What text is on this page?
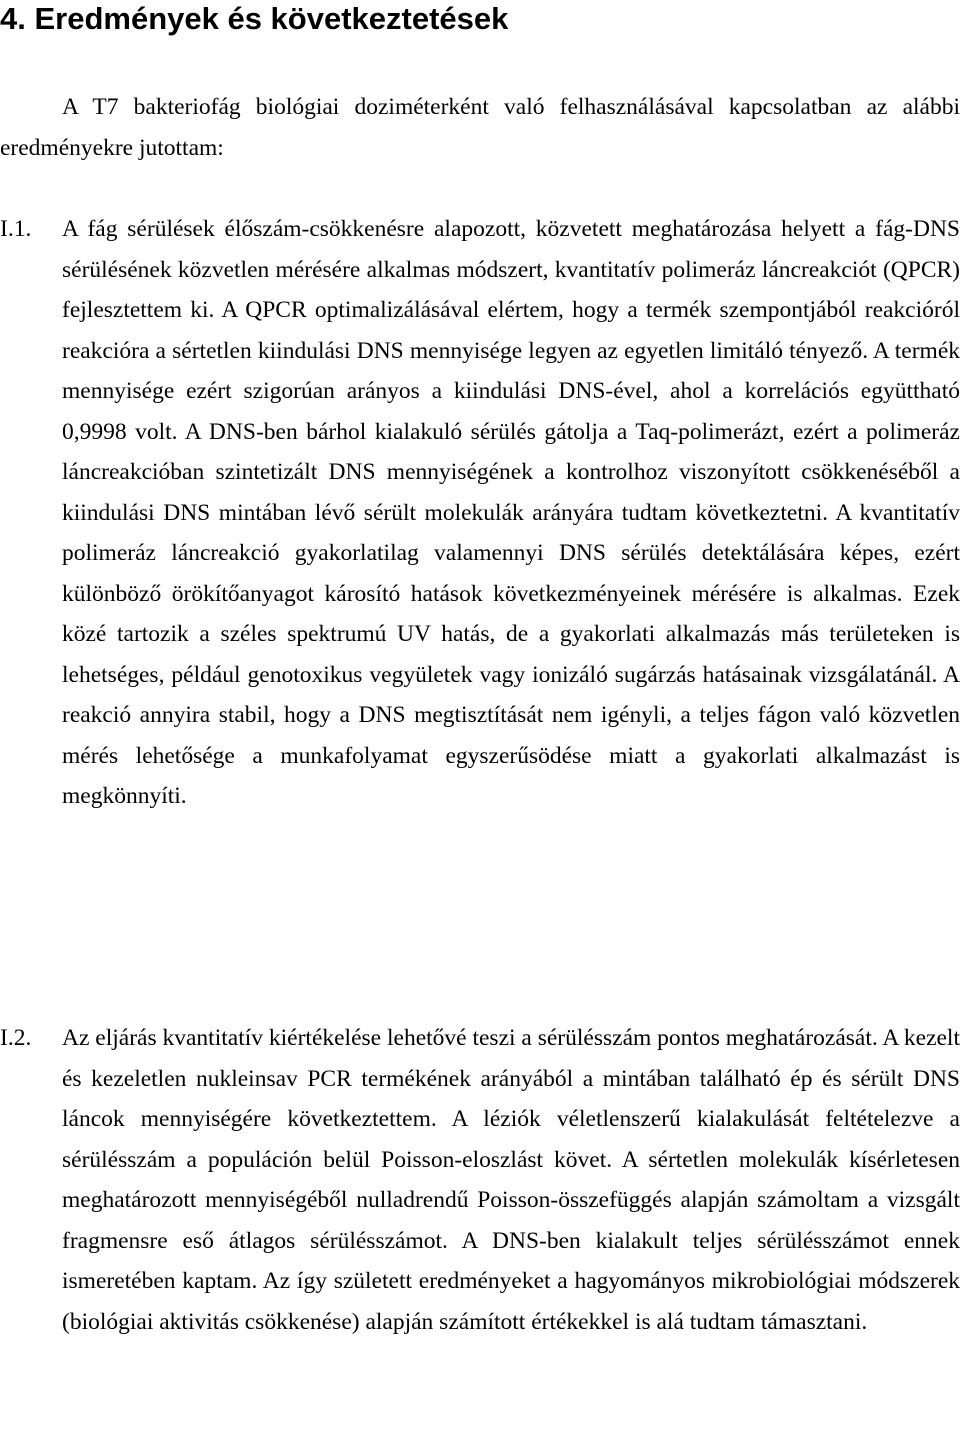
4. Eredmények és következtetések

A T7 bakteriofág biológiai doziméterként való felhasználásával kapcsolatban az alábbi eredményekre jutottam:

I.1. A fág sérülések élőszám-csökkenésre alapozott, közvetett meghatározása helyett a fág-DNS sérülésének közvetlen mérésére alkalmas módszert, kvantitatív polimeráz láncreakciót (QPCR) fejlesztettem ki. A QPCR optimalizálásával elértem, hogy a termék szempontjából reakcióról reakcióra a sértetlen kiindulási DNS mennyisége legyen az egyetlen limitáló tényező. A termék mennyisége ezért szigorúan arányos a kiindulási DNS-ével, ahol a korrelációs együttható 0,9998 volt. A DNS-ben bárhol kialakuló sérülés gátolja a Taq-polimerázt, ezért a polimeráz láncreakcióban szintetizált DNS mennyiségének a kontrolhoz viszonyított csökkenéséből a kiindulási DNS mintában lévő sérült molekulák arányára tudtam következtetni. A kvantitatív polimeráz láncreakció gyakorlatilag valamennyi DNS sérülés detektálására képes, ezért különböző örökítőanyagot károsító hatások következményeinek mérésére is alkalmas. Ezek közé tartozik a széles spektrumú UV hatás, de a gyakorlati alkalmazás más területeken is lehetséges, például genotoxikus vegyületek vagy ionizáló sugárzás hatásainak vizsgálatánál. A reakció annyira stabil, hogy a DNS megtisztítását nem igényli, a teljes fágon való közvetlen mérés lehetősége a munkafolyamat egyszerűsödése miatt a gyakorlati alkalmazást is megkönnyíti.

I.2. Az eljárás kvantitatív kiértékelése lehetővé teszi a sérülésszám pontos meghatározását. A kezelt és kezeletlen nukleinsav PCR termékének arányából a mintában található ép és sérült DNS láncok mennyiségére következtettem. A léziók véletlenszerű kialakulását feltételezve a sérülésszám a populáción belül Poisson-eloszlást követ. A sértetlen molekulák kísérletesen meghatározott mennyiségéből nulladrendű Poisson-összefüggés alapján számoltam a vizsgált fragmensre eső átlagos sérülésszámot. A DNS-ben kialakult teljes sérülésszámot ennek ismeretében kaptam. Az így született eredményeket a hagyományos mikrobiológiai módszerek (biológiai aktivitás csökkenése) alapján számított értékekkel is alá tudtam támasztani.
